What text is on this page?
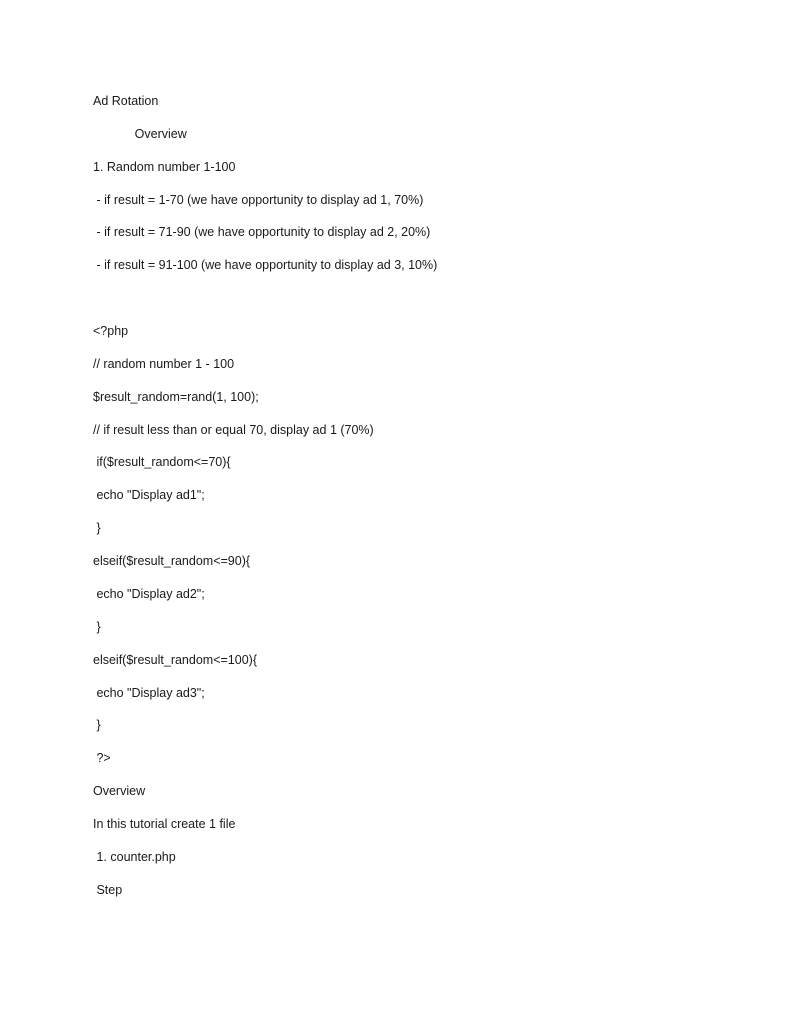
Ad Rotation
Overview
1. Random number 1-100
- if result = 1-70 (we have opportunity to display ad 1, 70%)
- if result = 71-90 (we have opportunity to display ad 2, 20%)
- if result = 91-100 (we have opportunity to display ad 3, 10%)
<?php
// random number 1 - 100
$result_random=rand(1, 100);
// if result less than or equal 70, display ad 1 (70%)
if($result_random<=70){
echo "Display ad1";
}
elseif($result_random<=90){
echo "Display ad2";
}
elseif($result_random<=100){
echo "Display ad3";
}
?>
Overview
In this tutorial create 1 file
1. counter.php
Step
